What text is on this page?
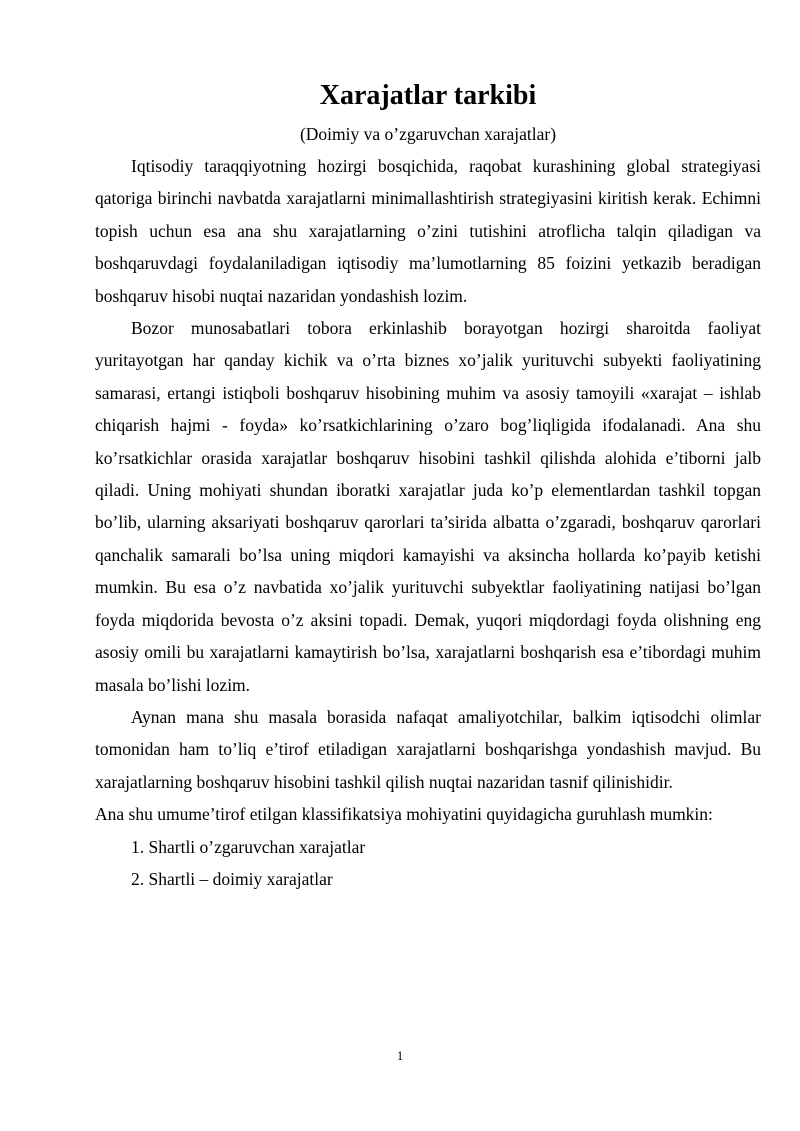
Xarajatlar tarkibi

(Doimiy va o’zgaruvchan xarajatlar)

Iqtisodiy taraqqiyotning hozirgi bosqichida, raqobat kurashining global strategiyasi qatoriga birinchi navbatda xarajatlarni minimallashtirish strategiyasini kiritish kerak. Echimni topish uchun esa ana shu xarajatlarning o’zini tutishini atroflicha talqin qiladigan va boshqaruvdagi foydalaniladigan iqtisodiy ma’lumotlarning 85 foizini yetkazib beradigan boshqaruv hisobi nuqtai nazaridan yondashish lozim.

Bozor munosabatlari tobora erkinlashib borayotgan hozirgi sharoitda faoliyat yuritayotgan har qanday kichik va o’rta biznes xo’jalik yurituvchi subyekti faoliyatining samarasi, ertangi istiqboli boshqaruv hisobining muhim va asosiy tamoyili «xarajat – ishlab chiqarish hajmi - foyda» ko’rsatkichlarining o’zaro bog’liqligida ifodalanadi. Ana shu ko’rsatkichlar orasida xarajatlar boshqaruv hisobini tashkil qilishda alohida e’tiborni jalb qiladi. Uning mohiyati shundan iboratki xarajatlar juda ko’p elementlardan tashkil topgan bo’lib, ularning aksariyati boshqaruv qarorlari ta’sirida albatta o’zgaradi, boshqaruv qarorlari qanchalik samarali bo’lsa uning miqdori kamayishi va aksincha hollarda ko’payib ketishi mumkin. Bu esa o’z navbatida xo’jalik yurituvchi subyektlar faoliyatining natijasi bo’lgan foyda miqdorida bevosta o’z aksini topadi. Demak, yuqori miqdordagi foyda olishning eng asosiy omili bu xarajatlarni kamaytirish bo’lsa, xarajatlarni boshqarish esa e’tibordagi muhim masala bo’lishi lozim.

Aynan mana shu masala borasida nafaqat amaliyotchilar, balkim iqtisodchi olimlar tomonidan ham to’liq e’tirof etiladigan xarajatlarni boshqarishga yondashish mavjud. Bu xarajatlarning boshqaruv hisobini tashkil qilish nuqtai nazaridan tasnif qilinishidir.

Ana shu umume’tirof etilgan klassifikatsiya mohiyatini quyidagicha guruhlash mumkin:

1. Shartli o’zgaruvchan xarajatlar
2. Shartli – doimiy xarajatlar
1
